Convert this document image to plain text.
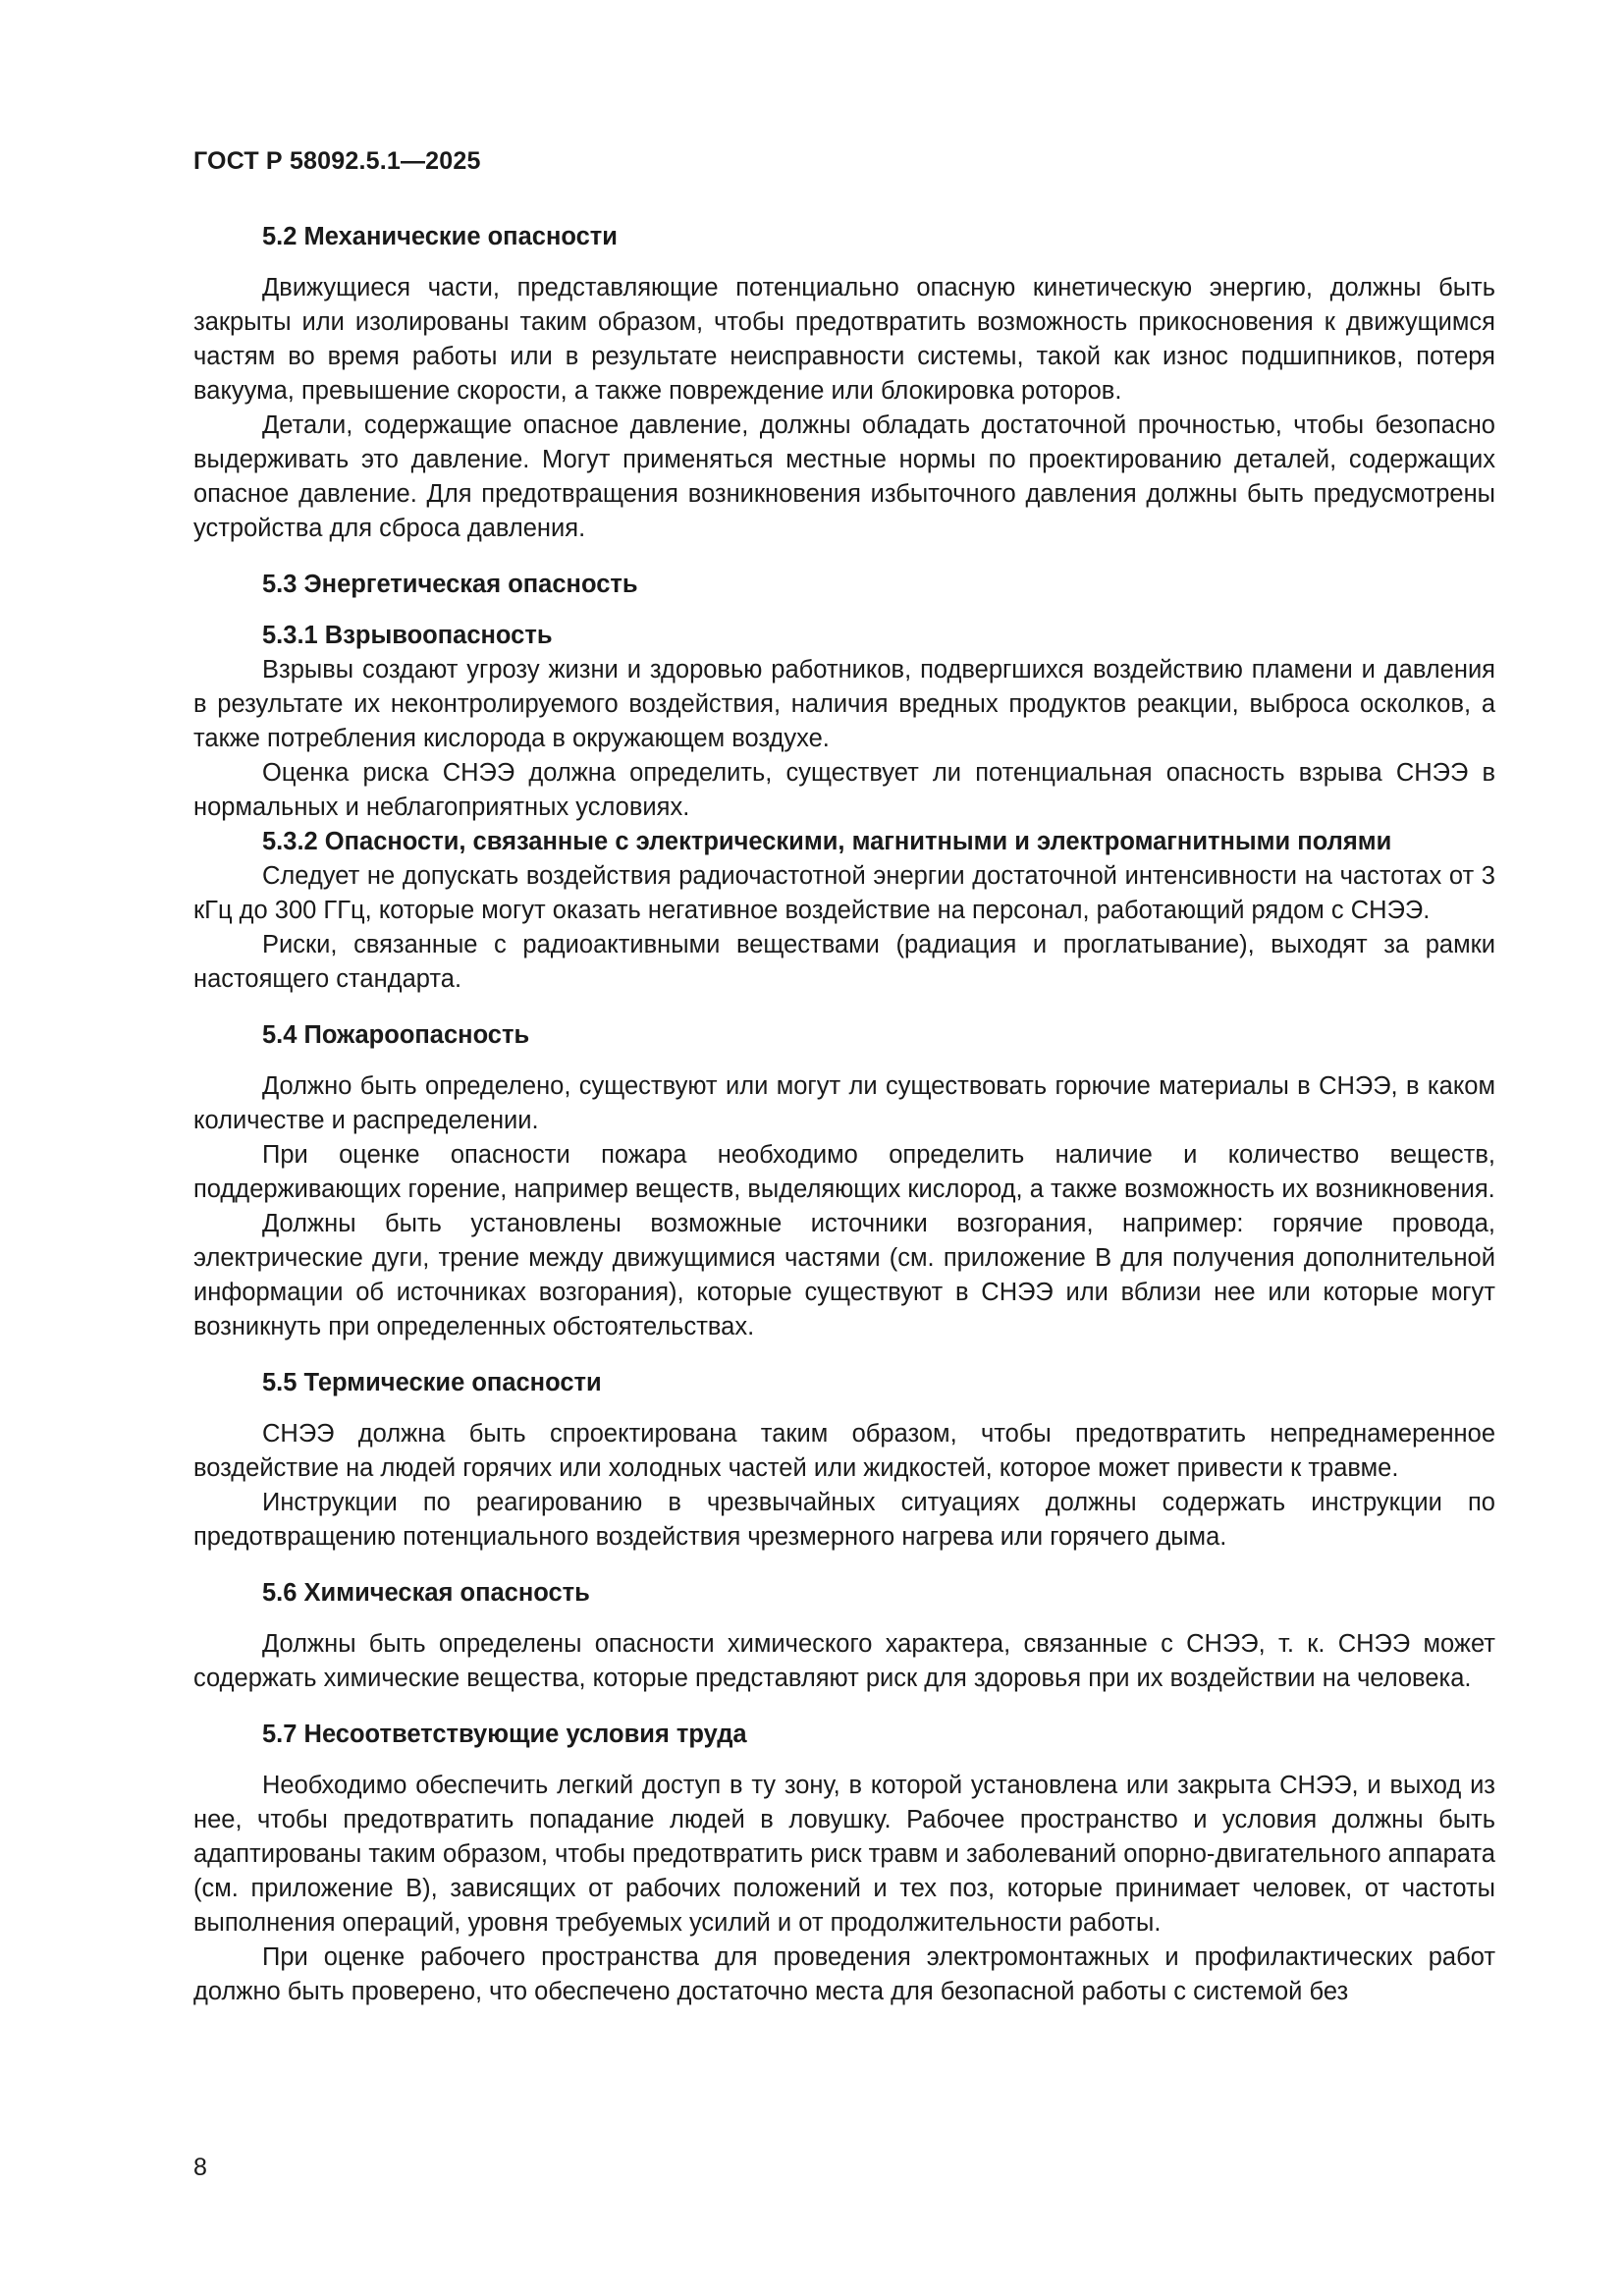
ГОСТ Р 58092.5.1—2025
5.2 Механические опасности

Движущиеся части, представляющие потенциально опасную кинетическую энергию, должны быть закрыты или изолированы таким образом, чтобы предотвратить возможность прикосновения к движущимся частям во время работы или в результате неисправности системы, такой как износ подшипников, потеря вакуума, превышение скорости, а также повреждение или блокировка роторов.

Детали, содержащие опасное давление, должны обладать достаточной прочностью, чтобы безопасно выдерживать это давление. Могут применяться местные нормы по проектированию деталей, содержащих опасное давление. Для предотвращения возникновения избыточного давления должны быть предусмотрены устройства для сброса давления.

5.3 Энергетическая опасность
5.3.1 Взрывоопасность

Взрывы создают угрозу жизни и здоровью работников, подвергшихся воздействию пламени и давления в результате их неконтролируемого воздействия, наличия вредных продуктов реакции, выброса осколков, а также потребления кислорода в окружающем воздухе.

Оценка риска СНЭЭ должна определить, существует ли потенциальная опасность взрыва СНЭЭ в нормальных и неблагоприятных условиях.

5.3.2 Опасности, связанные с электрическими, магнитными и электромагнитными полями

Следует не допускать воздействия радиочастотной энергии достаточной интенсивности на частотах от 3 кГц до 300 ГГц, которые могут оказать негативное воздействие на персонал, работающий рядом с СНЭЭ.

Риски, связанные с радиоактивными веществами (радиация и проглатывание), выходят за рамки настоящего стандарта.

5.4 Пожароопасность

Должно быть определено, существуют или могут ли существовать горючие материалы в СНЭЭ, в каком количестве и распределении.

При оценке опасности пожара необходимо определить наличие и количество веществ, поддерживающих горение, например веществ, выделяющих кислород, а также возможность их возникновения.

Должны быть установлены возможные источники возгорания, например: горячие провода, электрические дуги, трение между движущимися частями (см. приложение В для получения дополнительной информации об источниках возгорания), которые существуют в СНЭЭ или вблизи нее или которые могут возникнуть при определенных обстоятельствах.

5.5 Термические опасности

СНЭЭ должна быть спроектирована таким образом, чтобы предотвратить непреднамеренное воздействие на людей горячих или холодных частей или жидкостей, которое может привести к травме.

Инструкции по реагированию в чрезвычайных ситуациях должны содержать инструкции по предотвращению потенциального воздействия чрезмерного нагрева или горячего дыма.

5.6 Химическая опасность

Должны быть определены опасности химического характера, связанные с СНЭЭ, т. к. СНЭЭ может содержать химические вещества, которые представляют риск для здоровья при их воздействии на человека.

5.7 Несоответствующие условия труда

Необходимо обеспечить легкий доступ в ту зону, в которой установлена или закрыта СНЭЭ, и выход из нее, чтобы предотвратить попадание людей в ловушку. Рабочее пространство и условия должны быть адаптированы таким образом, чтобы предотвратить риск травм и заболеваний опорно-двигательного аппарата (см. приложение В), зависящих от рабочих положений и тех поз, которые принимает человек, от частоты выполнения операций, уровня требуемых усилий и от продолжительности работы.

При оценке рабочего пространства для проведения электромонтажных и профилактических работ должно быть проверено, что обеспечено достаточно места для безопасной работы с системой без

8
